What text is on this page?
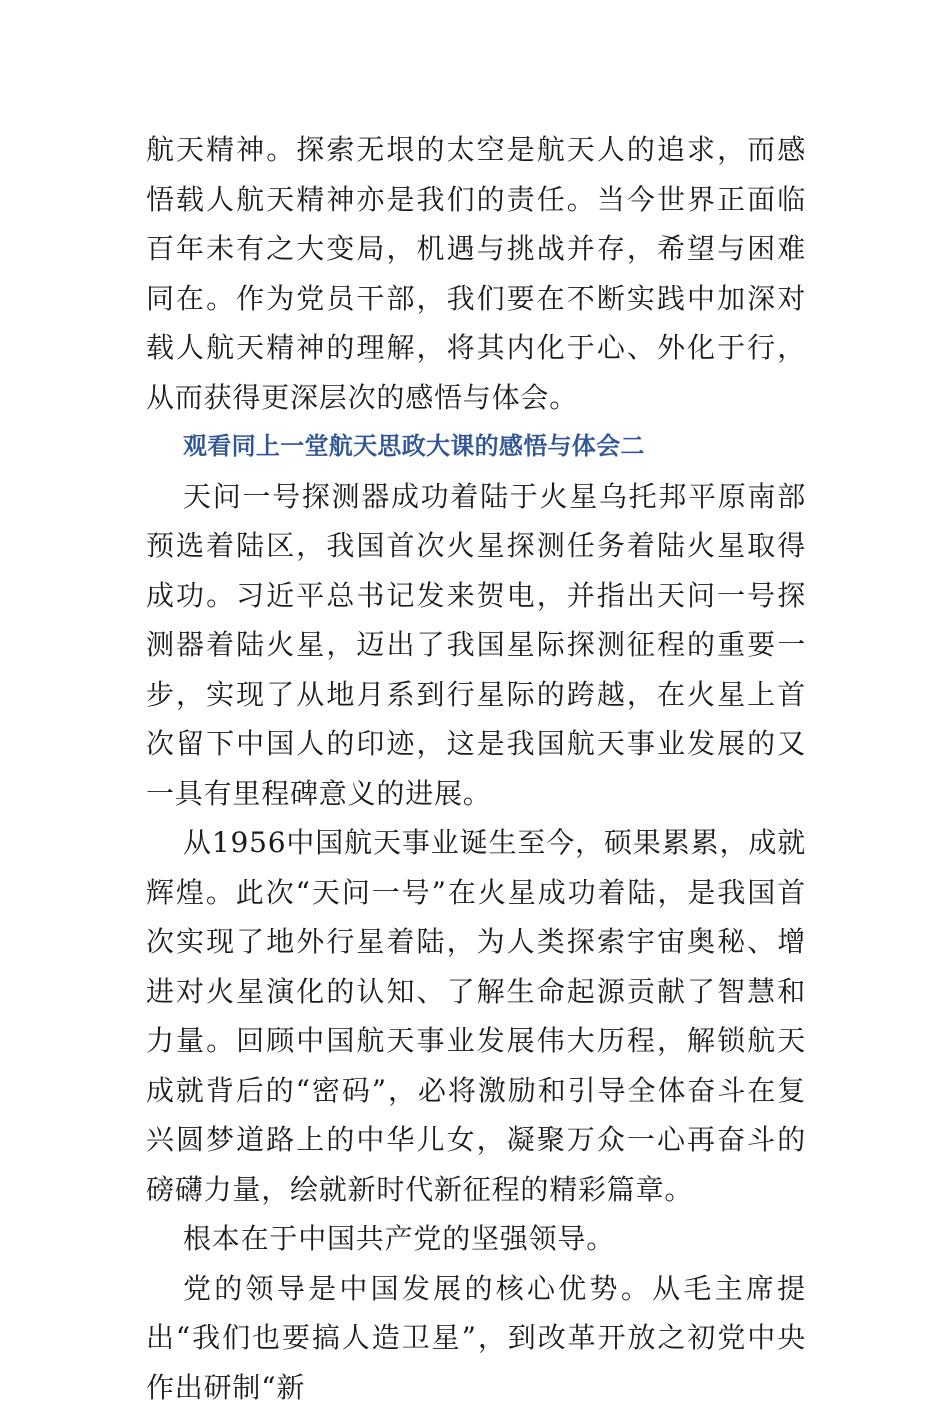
航天精神。探索无垠的太空是航天人的追求，而感悟载人航天精神亦是我们的责任。当今世界正面临百年未有之大变局，机遇与挑战并存，希望与困难同在。作为党员干部，我们要在不断实践中加深对载人航天精神的理解，将其内化于心、外化于行，从而获得更深层次的感悟与体会。

观看同上一堂航天思政大课的感悟与体会二

天问一号探测器成功着陆于火星乌托邦平原南部预选着陆区，我国首次火星探测任务着陆火星取得成功。习近平总书记发来贺电，并指出天问一号探测器着陆火星，迈出了我国星际探测征程的重要一步，实现了从地月系到行星际的跨越，在火星上首次留下中国人的印迹，这是我国航天事业发展的又一具有里程碑意义的进展。

从1956中国航天事业诞生至今，硕果累累，成就辉煌。此次“天问一号”在火星成功着陆，是我国首次实现了地外行星着陆，为人类探索宇宙奥秘、增进对火星演化的认知、了解生命起源贡献了智慧和力量。回顾中国航天事业发展伟大历程，解锁航天成就背后的“密码”，必将激励和引导全体奋斗在复兴圆梦道路上的中华儿女，凝聚万众一心再奋斗的磅礴力量，绘就新时代新征程的精彩篇章。

根本在于中国共产党的坚强领导。

党的领导是中国发展的核心优势。从毛主席提出“我们也要搞人造卫星”，到改革开放之初党中央作出研制“新
